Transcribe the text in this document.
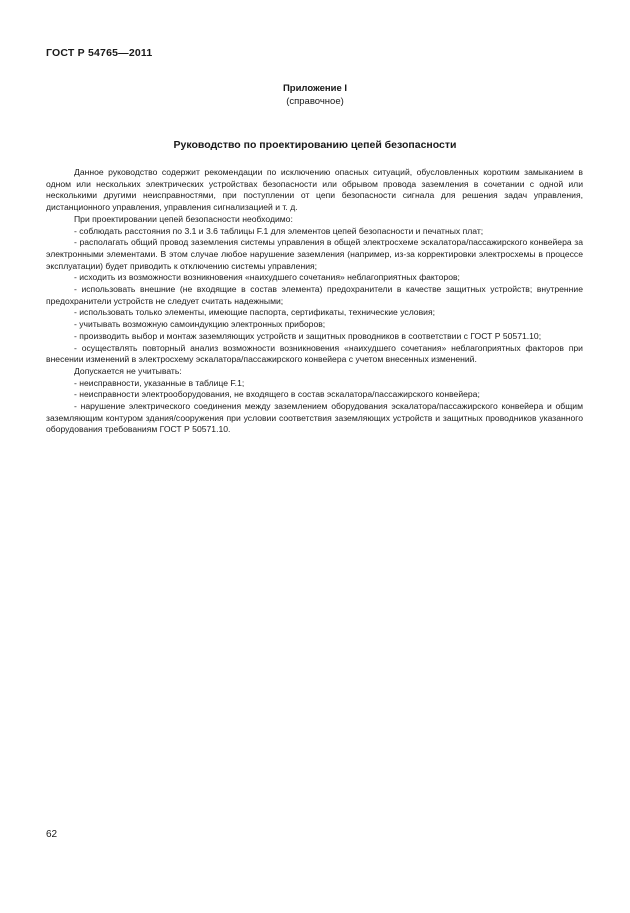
ГОСТ Р 54765—2011
Приложение I
(справочное)
Руководство по проектированию цепей безопасности

Данное руководство содержит рекомендации по исключению опасных ситуаций, обусловленных коротким замыканием в одном или нескольких электрических устройствах безопасности или обрывом провода заземления в сочетании с одной или несколькими другими неисправностями, при поступлении от цепи безопасности сигнала для решения задач управления, дистанционного управления, управления сигнализацией и т. д.

При проектировании цепей безопасности необходимо:

- соблюдать расстояния по 3.1 и 3.6 таблицы F.1 для элементов цепей безопасности и печатных плат;

- располагать общий провод заземления системы управления в общей электросхеме эскалатора/пассажирского конвейера за электронными элементами. В этом случае любое нарушение заземления (например, из-за корректировки электросхемы в процессе эксплуатации) будет приводить к отключению системы управления;

- исходить из возможности возникновения «наихудшего сочетания» неблагоприятных факторов;

- использовать внешние (не входящие в состав элемента) предохранители в качестве защитных устройств; внутренние предохранители устройств не следует считать надежными;

- использовать только элементы, имеющие паспорта, сертификаты, технические условия;

- учитывать возможную самоиндукцию электронных приборов;

- производить выбор и монтаж заземляющих устройств и защитных проводников в соответствии с ГОСТ Р 50571.10;

- осуществлять повторный анализ возможности возникновения «наихудшего сочетания» неблагоприятных факторов при внесении изменений в электросхему эскалатора/пассажирского конвейера с учетом внесенных изменений.

Допускается не учитывать:

- неисправности, указанные в таблице F.1;

- неисправности электрооборудования, не входящего в состав эскалатора/пассажирского конвейера;

- нарушение электрического соединения между заземлением оборудования эскалатора/пассажирского конвейера и общим заземляющим контуром здания/сооружения при условии соответствия заземляющих устройств и защитных проводников указанного оборудования требованиям ГОСТ Р 50571.10.

62
